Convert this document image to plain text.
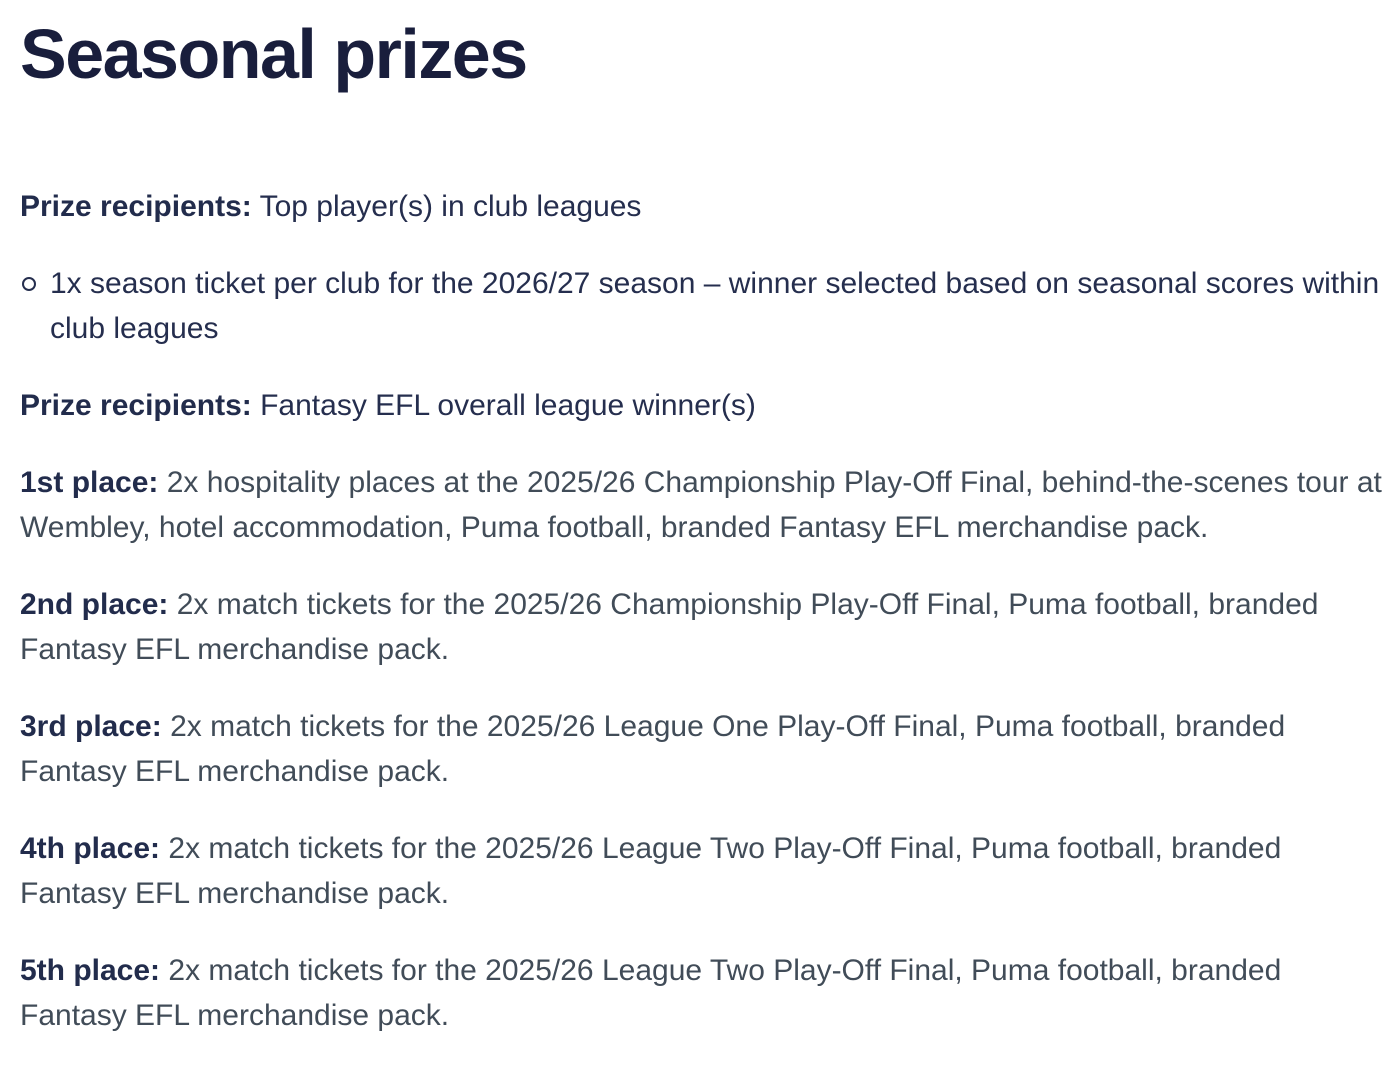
Seasonal prizes

Prize recipients: Top player(s) in club leagues

1x season ticket per club for the 2026/27 season – winner selected based on seasonal scores within club leagues

Prize recipients: Fantasy EFL overall league winner(s)

1st place: 2x hospitality places at the 2025/26 Championship Play-Off Final, behind-the-scenes tour at Wembley, hotel accommodation, Puma football, branded Fantasy EFL merchandise pack.

2nd place: 2x match tickets for the 2025/26 Championship Play-Off Final, Puma football, branded Fantasy EFL merchandise pack.

3rd place: 2x match tickets for the 2025/26 League One Play-Off Final, Puma football, branded Fantasy EFL merchandise pack.

4th place: 2x match tickets for the 2025/26 League Two Play-Off Final, Puma football, branded Fantasy EFL merchandise pack.

5th place: 2x match tickets for the 2025/26 League Two Play-Off Final, Puma football, branded Fantasy EFL merchandise pack.
